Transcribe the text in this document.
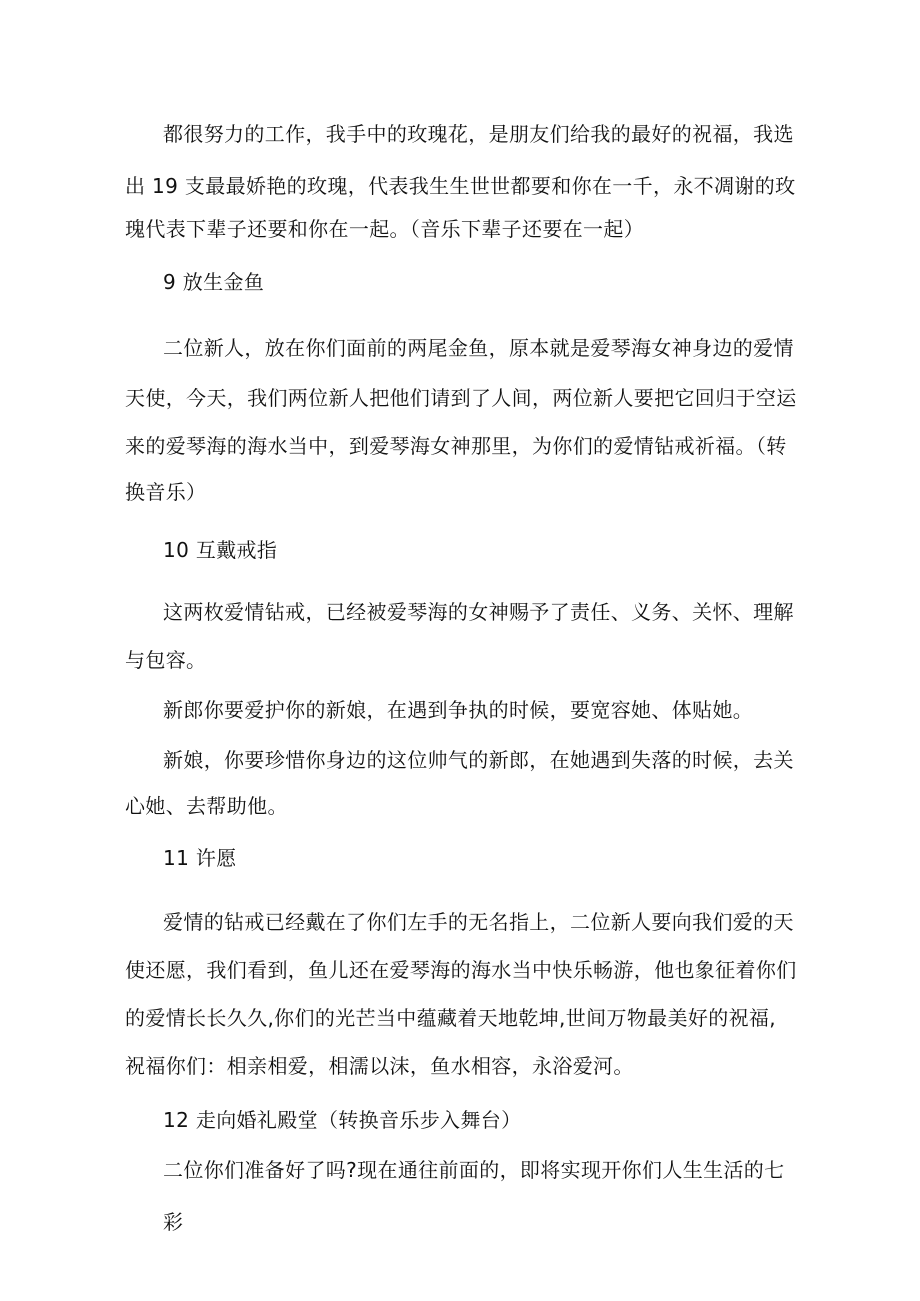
都很努力的工作，我手中的玫瑰花，是朋友们给我的最好的祝福，我选

出 19 支最最娇艳的玫瑰，代表我生生世世都要和你在一千，永不凋谢的玫

瑰代表下辈子还要和你在一起。（音乐下辈子还要在一起）

9 放生金鱼

二位新人，放在你们面前的两尾金鱼，原本就是爱琴海女神身边的爱情

天使，今天，我们两位新人把他们请到了人间，两位新人要把它回归于空运

来的爱琴海的海水当中，到爱琴海女神那里，为你们的爱情钻戒祈福。（转

换音乐）

10 互戴戒指

这两枚爱情钻戒，已经被爱琴海的女神赐予了责任、义务、关怀、理解

与包容。

新郎你要爱护你的新娘，在遇到争执的时候，要宽容她、体贴她。

新娘，你要珍惜你身边的这位帅气的新郎，在她遇到失落的时候，去关

心她、去帮助他。

11 许愿

爱情的钻戒已经戴在了你们左手的无名指上，二位新人要向我们爱的天

使还愿，我们看到，鱼儿还在爱琴海的海水当中快乐畅游，他也象征着你们

的爱情长长久久,你们的光芒当中蕴藏着天地乾坤,世间万物最美好的祝福,

祝福你们：相亲相爱，相濡以沫，鱼水相容，永浴爱河。

12 走向婚礼殿堂（转换音乐步入舞台）

二位你们准备好了吗?现在通往前面的，即将实现开你们人生生活的七彩
